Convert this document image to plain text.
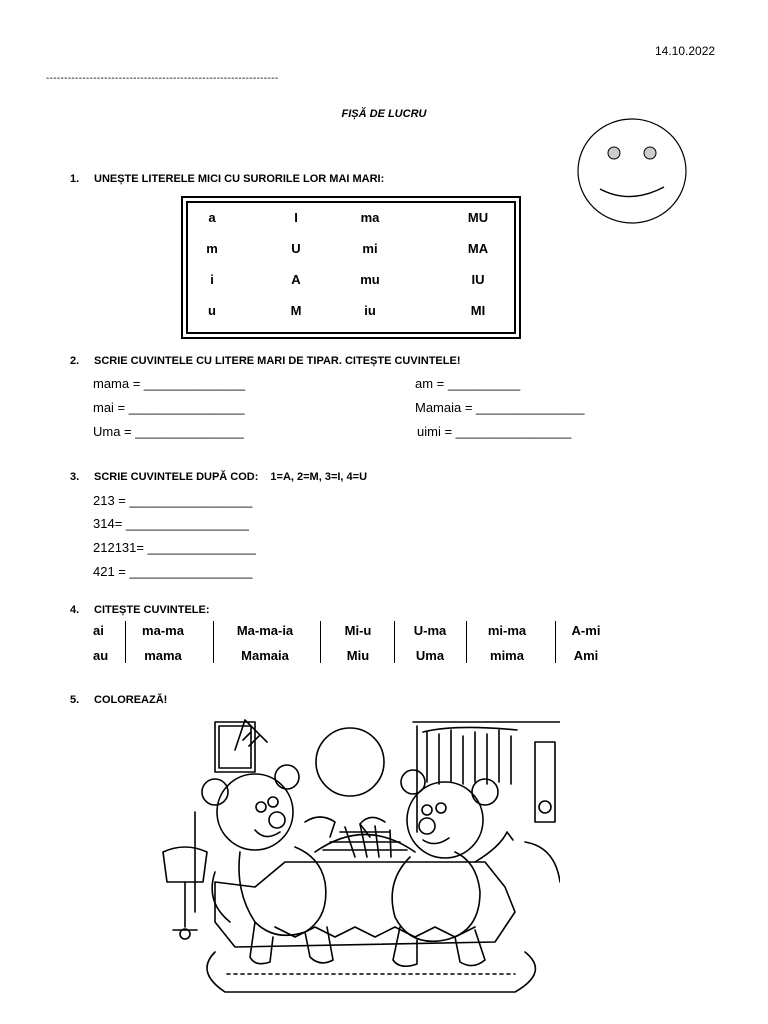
14.10.2022
----------------------------------------------------------------
FIȘĂ DE LUCRU
1. UNEȘTE LITERELE MICI CU SURORILE LOR MAI MARI:
a	I	ma	MU
m	U	mi	MA
i	A	mu	IU
u	M	iu	MI
2. SCRIE CUVINTELE CU LITERE MARI DE TIPAR. CITEȘTE CUVINTELE!
mama = ______________
mai = ________________
Uma = _______________
am = __________
Mamaia = _______________
uimi = ________________
3. SCRIE CUVINTELE DUPĂ COD: 1=A, 2=M, 3=I, 4=U
213 = _________________
314= _________________
212131= _______________
421 = _________________
4. CITEȘTE CUVINTELE:
ai	ma-ma	Ma-ma-ia	Mi-u	U-ma	mi-ma	A-mi
au	mama	Mamaia	Miu	Uma	mima	Ami
5. COLOREAZĂ!
